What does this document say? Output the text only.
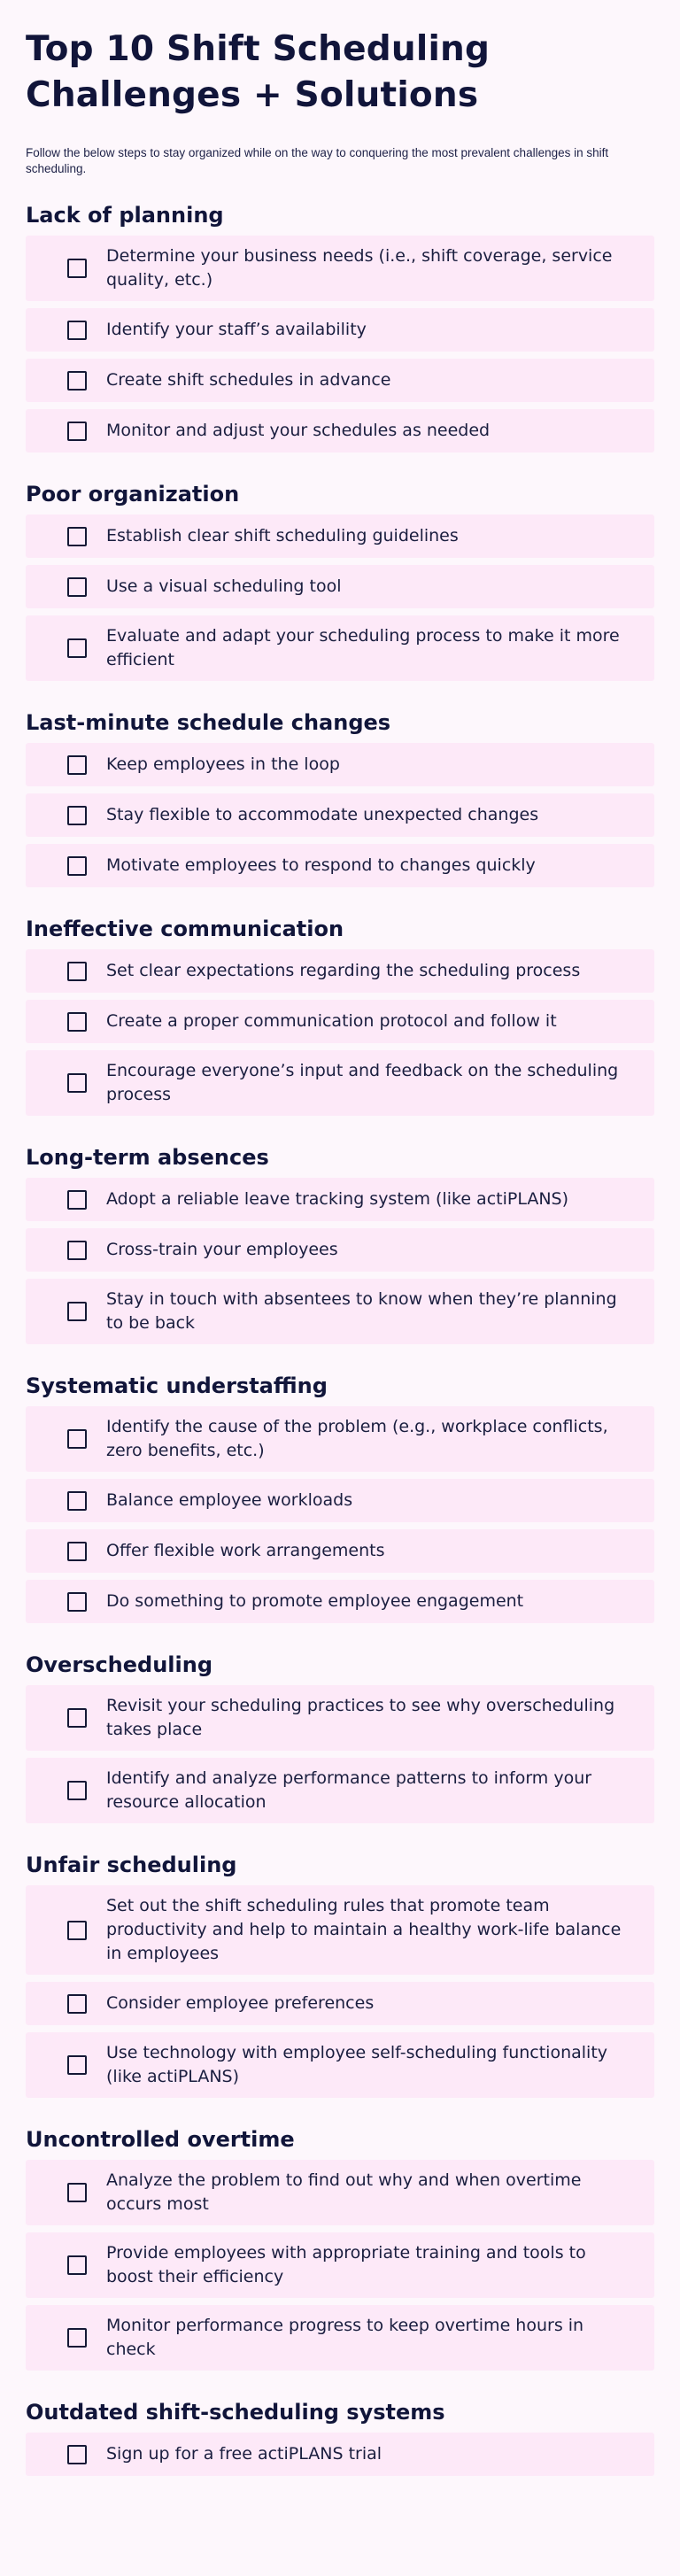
Top 10 Shift Scheduling Challenges + Solutions

Follow the below steps to stay organized while on the way to conquering the most prevalent challenges in shift scheduling.

Lack of planning
Determine your business needs (i.e., shift coverage, service quality, etc.)
Identify your staff’s availability
Create shift schedules in advance
Monitor and adjust your schedules as needed
Poor organization
Establish clear shift scheduling guidelines
Use a visual scheduling tool
Evaluate and adapt your scheduling process to make it more efficient
Last-minute schedule changes
Keep employees in the loop
Stay flexible to accommodate unexpected changes
Motivate employees to respond to changes quickly
Ineffective communication
Set clear expectations regarding the scheduling process
Create a proper communication protocol and follow it
Encourage everyone’s input and feedback on the scheduling process
Long-term absences
Adopt a reliable leave tracking system (like actiPLANS)
Cross-train your employees
Stay in touch with absentees to know when they’re planning to be back
Systematic understaffing
Identify the cause of the problem (e.g., workplace conflicts, zero benefits, etc.)
Balance employee workloads
Offer flexible work arrangements
Do something to promote employee engagement
Overscheduling
Revisit your scheduling practices to see why overscheduling takes place
Identify and analyze performance patterns to inform your resource allocation
Unfair scheduling
Set out the shift scheduling rules that promote team productivity and help to maintain a healthy work-life balance in employees
Consider employee preferences
Use technology with employee self-scheduling functionality (like actiPLANS)
Uncontrolled overtime
Analyze the problem to find out why and when overtime occurs most
Provide employees with appropriate training and tools to boost their efficiency
Monitor performance progress to keep overtime hours in check
Outdated shift-scheduling systems
Sign up for a free actiPLANS trial
